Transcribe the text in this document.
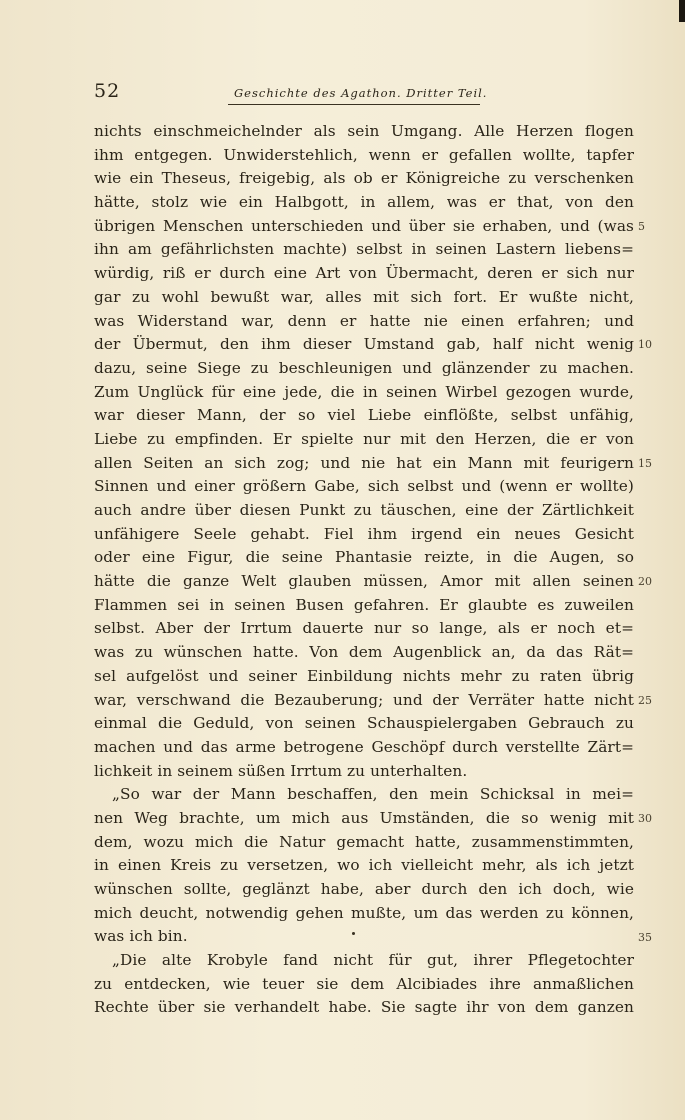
52	Geschichte des Agathon. Dritter Teil.
nichts einschmeichelnder als sein Umgang. Alle Herzen flogen
ihm entgegen. Unwiderstehlich, wenn er gefallen wollte, tapfer
wie ein Theseus, freigebig, als ob er Königreiche zu verschenken
hätte, stolz wie ein Halbgott, in allem, was er that, von den
übrigen Menschen unterschieden und über sie erhaben, und (was
ihn am gefährlichsten machte) selbst in seinen Lastern liebens=
würdig, riß er durch eine Art von Übermacht, deren er sich nur
gar zu wohl bewußt war, alles mit sich fort. Er wußte nicht,
was Widerstand war, denn er hatte nie einen erfahren; und
der Übermut, den ihm dieser Umstand gab, half nicht wenig
dazu, seine Siege zu beschleunigen und glänzender zu machen.
Zum Unglück für eine jede, die in seinen Wirbel gezogen wurde,
war dieser Mann, der so viel Liebe einflößte, selbst unfähig,
Liebe zu empfinden. Er spielte nur mit den Herzen, die er von
allen Seiten an sich zog; und nie hat ein Mann mit feurigern
Sinnen und einer größern Gabe, sich selbst und (wenn er wollte)
auch andre über diesen Punkt zu täuschen, eine der Zärtlichkeit
unfähigere Seele gehabt. Fiel ihm irgend ein neues Gesicht
oder eine Figur, die seine Phantasie reizte, in die Augen, so
hätte die ganze Welt glauben müssen, Amor mit allen seinen
Flammen sei in seinen Busen gefahren. Er glaubte es zuweilen
selbst. Aber der Irrtum dauerte nur so lange, als er noch et=
was zu wünschen hatte. Von dem Augenblick an, da das Rät=
sel aufgelöst und seiner Einbildung nichts mehr zu raten übrig
war, verschwand die Bezauberung; und der Verräter hatte nicht
einmal die Geduld, von seinen Schauspielergaben Gebrauch zu
machen und das arme betrogene Geschöpf durch verstellte Zärt=
lichkeit in seinem süßen Irrtum zu unterhalten.
„So war der Mann beschaffen, den mein Schicksal in mei=
nen Weg brachte, um mich aus Umständen, die so wenig mit
dem, wozu mich die Natur gemacht hatte, zusammenstimmten,
in einen Kreis zu versetzen, wo ich vielleicht mehr, als ich jetzt
wünschen sollte, geglänzt habe, aber durch den ich doch, wie
mich deucht, notwendig gehen mußte, um das werden zu können,
was ich bin.
„Die alte Krobyle fand nicht für gut, ihrer Pflegetochter
zu entdecken, wie teuer sie dem Alcibiades ihre anmaßlichen
Rechte über sie verhandelt habe. Sie sagte ihr von dem ganzen
5
10
15
20
25
30
35
